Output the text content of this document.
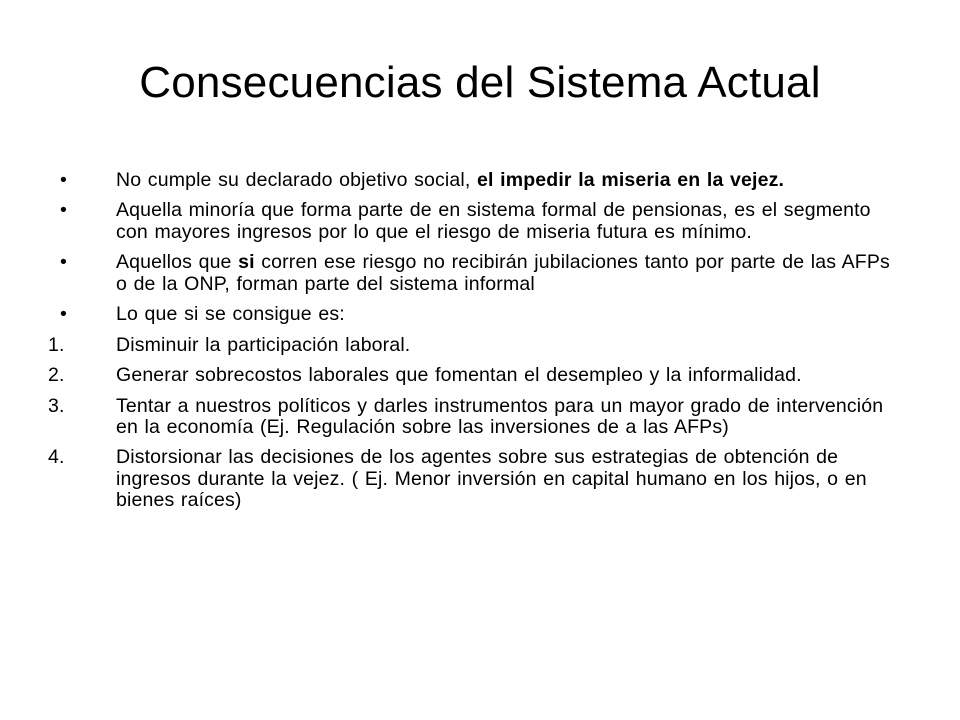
Consecuencias del Sistema Actual
•	No cumple su declarado objetivo social, el impedir la miseria en la vejez.
•	Aquella minoría que forma parte de en sistema formal de pensionas, es el segmento con mayores ingresos por lo que el riesgo de miseria futura es mínimo.
•	Aquellos que si corren ese riesgo no recibirán jubilaciones tanto por parte de las AFPs o de la ONP, forman parte del sistema informal
•	Lo que si se consigue es:
1.	Disminuir la participación laboral.
2.	Generar sobrecostos laborales que fomentan el desempleo y la informalidad.
3.	Tentar a nuestros políticos y darles instrumentos para un mayor grado de intervención en la economía (Ej. Regulación sobre las inversiones de a las AFPs)
4.	Distorsionar las decisiones de los agentes sobre sus estrategias de obtención de ingresos durante la vejez. ( Ej. Menor inversión en capital humano en los hijos, o en bienes raíces)
